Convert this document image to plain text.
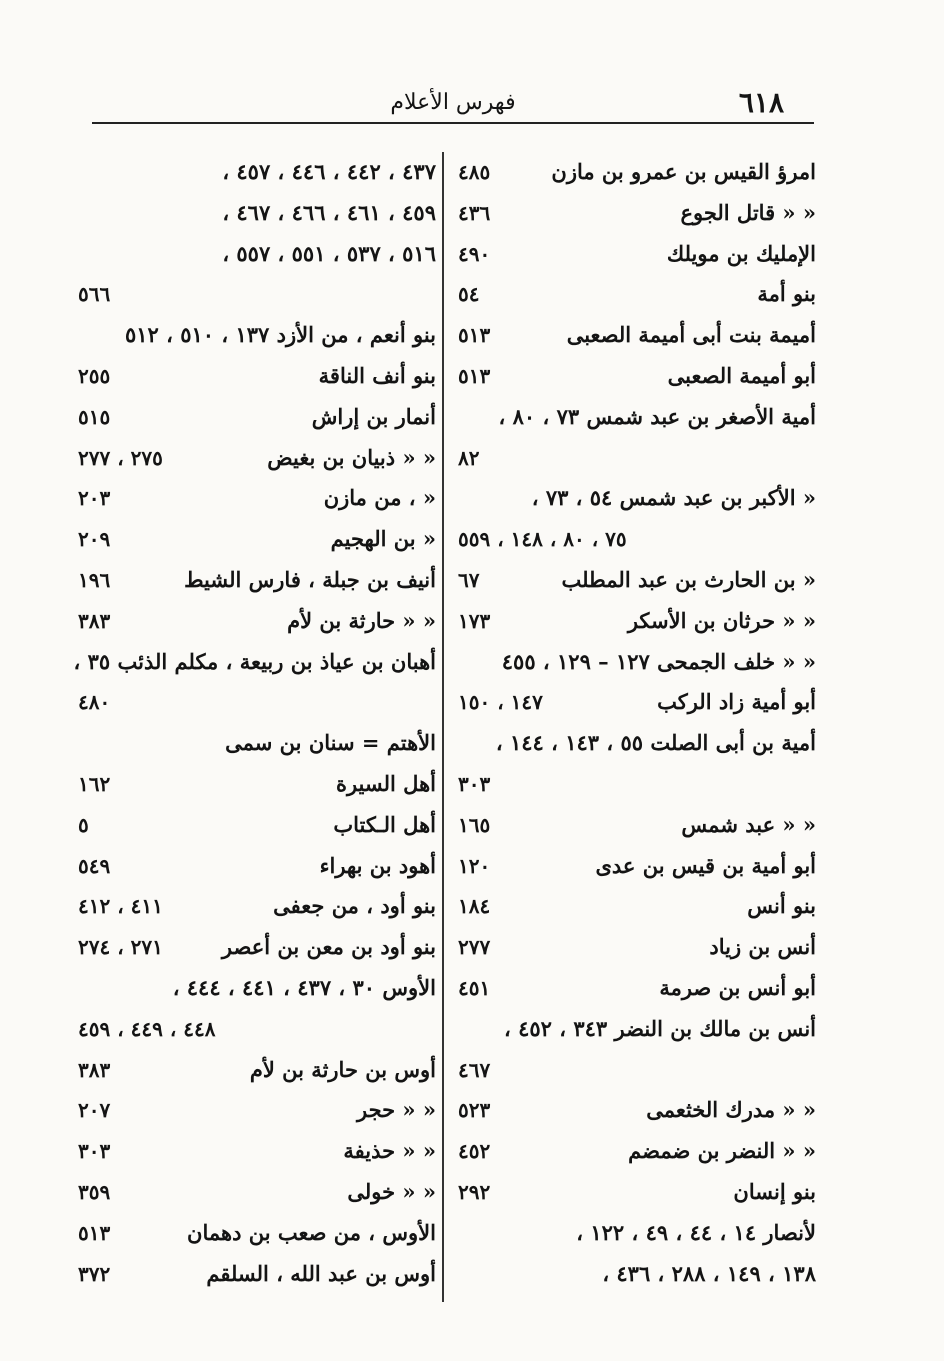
٦١٨
فهرس الأعلام
امرؤ القيس بن عمرو بن مازن
٤٨٥
« « قاتل الجوع
٤٣٦
الإمليك بن مويلك
٤٩٠
بنو أمة
٥٤
أميمة بنت أبى أميمة الصعبى
٥١٣
أبو أميمة الصعبى
٥١٣
أمية الأصغر بن عبد شمس ٧٣ ، ٨٠ ،
٨٢
« الأكبر بن عبد شمس ٥٤ ، ٧٣ ،
٧٥ ، ٨٠ ، ١٤٨ ، ٥٥٩
« بن الحارث بن عبد المطلب
٦٧
« « حرثان بن الأسكر
١٧٣
« « خلف الجمحى ١٢٧ – ١٢٩ ، ٤٥٥
أبو أمية زاد الركب
١٤٧ ، ١٥٠
أمية بن أبى الصلت ٥٥ ، ١٤٣ ، ١٤٤ ،
٣٠٣
« « عبد شمس
١٦٥
أبو أمية بن قيس بن عدى
١٢٠
بنو أنس
١٨٤
أنس بن زياد
٢٧٧
أبو أنس بن صرمة
٤٥١
أنس بن مالك بن النضر ٣٤٣ ، ٤٥٢ ،
٤٦٧
« « مدرك الخثعمى
٥٢٣
« « النضر بن ضمضم
٤٥٢
بنو إنسان
٢٩٢
لأنصار ١٤ ، ٤٤ ، ٤٩ ، ١٢٢ ،
١٣٨ ، ١٤٩ ، ٢٨٨ ، ٤٣٦ ،
٤٣٧ ، ٤٤٢ ، ٤٤٦ ، ٤٥٧ ،
٤٥٩ ، ٤٦١ ، ٤٦٦ ، ٤٦٧ ،
٥١٦ ، ٥٣٧ ، ٥٥١ ، ٥٥٧ ،
٥٦٦
بنو أنعم ، من الأزد ١٣٧ ، ٥١٠ ، ٥١٢
بنو أنف الناقة
٢٥٥
أنمار بن إراش
٥١٥
« « ذبيان بن بغيض
٢٧٥ ، ٢٧٧
« ، من مازن
٢٠٣
« بن الهجيم
٢٠٩
أنيف بن جبلة ، فارس الشيط
١٩٦
« « حارثة بن لأم
٣٨٣
أهبان بن عياذ بن ربيعة ، مكلم الذئب ٣٥ ،
٤٨٠
الأهتم = سنان بن سمى
أهل السيرة
١٦٢
أهل الـكتاب
٥
أهود بن بهراء
٥٤٩
بنو أود ، من جعفى
٤١١ ، ٤١٢
بنو أود بن معن بن أعصر
٢٧١ ، ٢٧٤
الأوس ٣٠ ، ٤٣٧ ، ٤٤١ ، ٤٤٤ ،
٤٤٨ ، ٤٤٩ ، ٤٥٩
أوس بن حارثة بن لأم
٣٨٣
« « حجر
٢٠٧
« « حذيفة
٣٠٣
« « خولى
٣٥٩
الأوس ، من صعب بن دهمان
٥١٣
أوس بن عبد الله ، السلقم
٣٧٢
